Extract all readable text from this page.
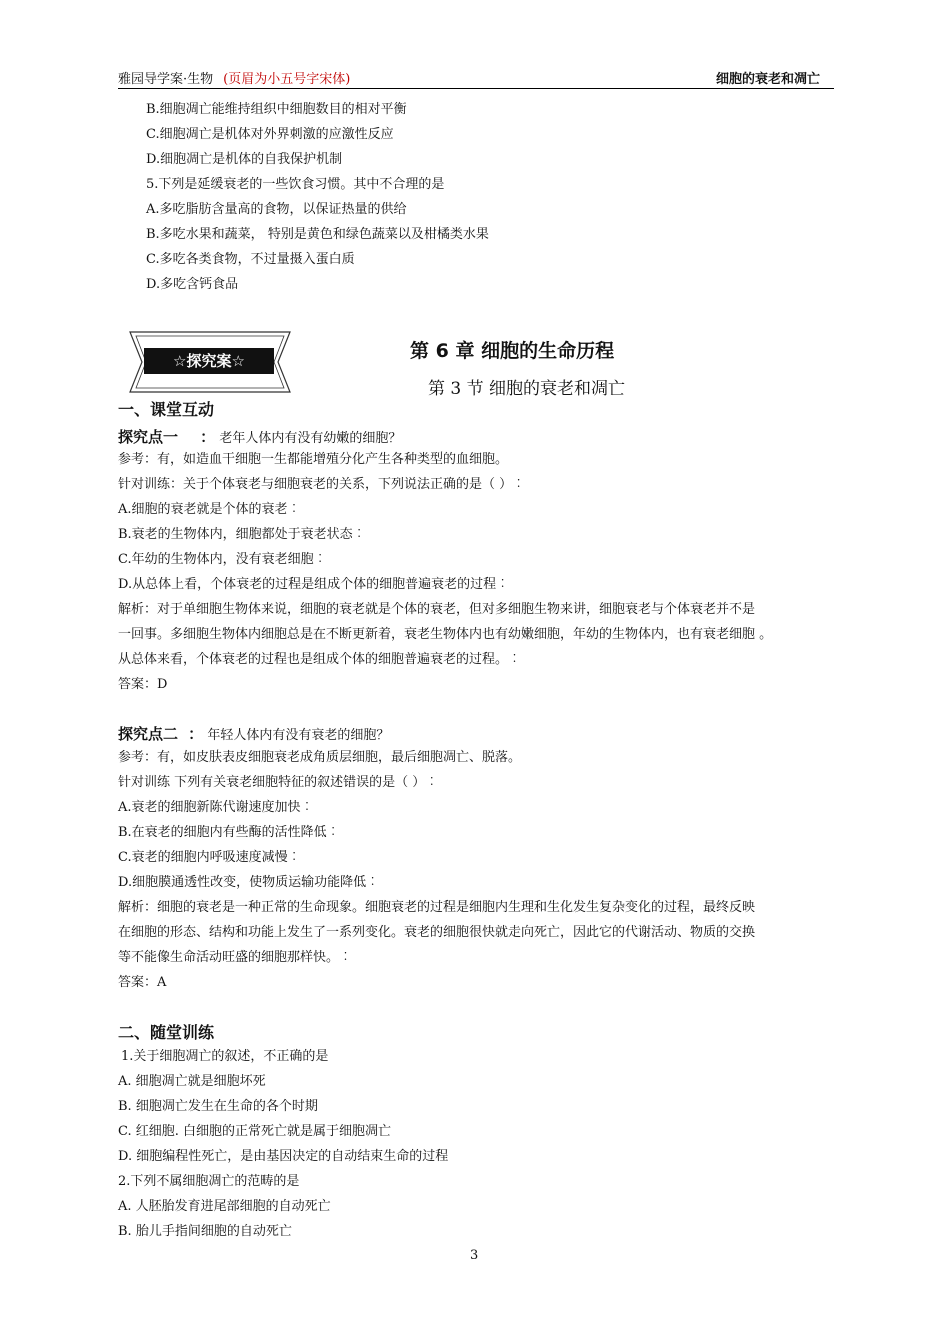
雅园导学案·生物 (页眉为小五号字宋体)	细胞的衰老和凋亡
B.细胞凋亡能维持组织中细胞数目的相对平衡
C.细胞凋亡是机体对外界刺激的应激性反应
D.细胞凋亡是机体的自我保护机制
5.下列是延缓衰老的一些饮食习惯。其中不合理的是
A.多吃脂肪含量高的食物，以保证热量的供给
B.多吃水果和蔬菜， 特别是黄色和绿色蔬菜以及柑橘类水果
C.多吃各类食物，不过量摄入蛋白质
D.多吃含钙食品
☆探究案☆	第 6 章 细胞的生命历程
第 3 节 细胞的衰老和凋亡
一、课堂互动
探究点一 ： 老年人体内有没有幼嫩的细胞？
参考：有，如造血干细胞一生都能增殖分化产生各种类型的血细胞。
针对训练：关于个体衰老与细胞衰老的关系，下列说法正确的是（ ）︰
A.细胞的衰老就是个体的衰老︰
B.衰老的生物体内，细胞都处于衰老状态︰
C.年幼的生物体内，没有衰老细胞︰
D.从总体上看，个体衰老的过程是组成个体的细胞普遍衰老的过程︰
解析：对于单细胞生物体来说，细胞的衰老就是个体的衰老，但对多细胞生物来讲，细胞衰老与个体衰老并不是
一回事。多细胞生物体内细胞总是在不断更新着，衰老生物体内也有幼嫩细胞，年幼的生物体内，也有衰老细胞 。
从总体来看，个体衰老的过程也是组成个体的细胞普遍衰老的过程。︰
答案：D
探究点二 ： 年轻人体内有没有衰老的细胞？
参考：有，如皮肤表皮细胞衰老成角质层细胞，最后细胞凋亡、脱落。
针对训练 下列有关衰老细胞特征的叙述错误的是（ ）︰
A.衰老的细胞新陈代谢速度加快︰
B.在衰老的细胞内有些酶的活性降低︰
C.衰老的细胞内呼吸速度减慢︰
D.细胞膜通透性改变，使物质运输功能降低︰
解析：细胞的衰老是一种正常的生命现象。细胞衰老的过程是细胞内生理和生化发生复杂变化的过程，最终反映
在细胞的形态、结构和功能上发生了一系列变化。衰老的细胞很快就走向死亡，因此它的代谢活动、物质的交换
等不能像生命活动旺盛的细胞那样快。︰
答案：A
二、随堂训练
1.关于细胞凋亡的叙述，不正确的是
A. 细胞凋亡就是细胞坏死
B. 细胞凋亡发生在生命的各个时期
C. 红细胞. 白细胞的正常死亡就是属于细胞凋亡
D. 细胞编程性死亡，是由基因决定的自动结束生命的过程
2.下列不属细胞凋亡的范畴的是
A. 人胚胎发育进尾部细胞的自动死亡
B. 胎儿手指间细胞的自动死亡
3
